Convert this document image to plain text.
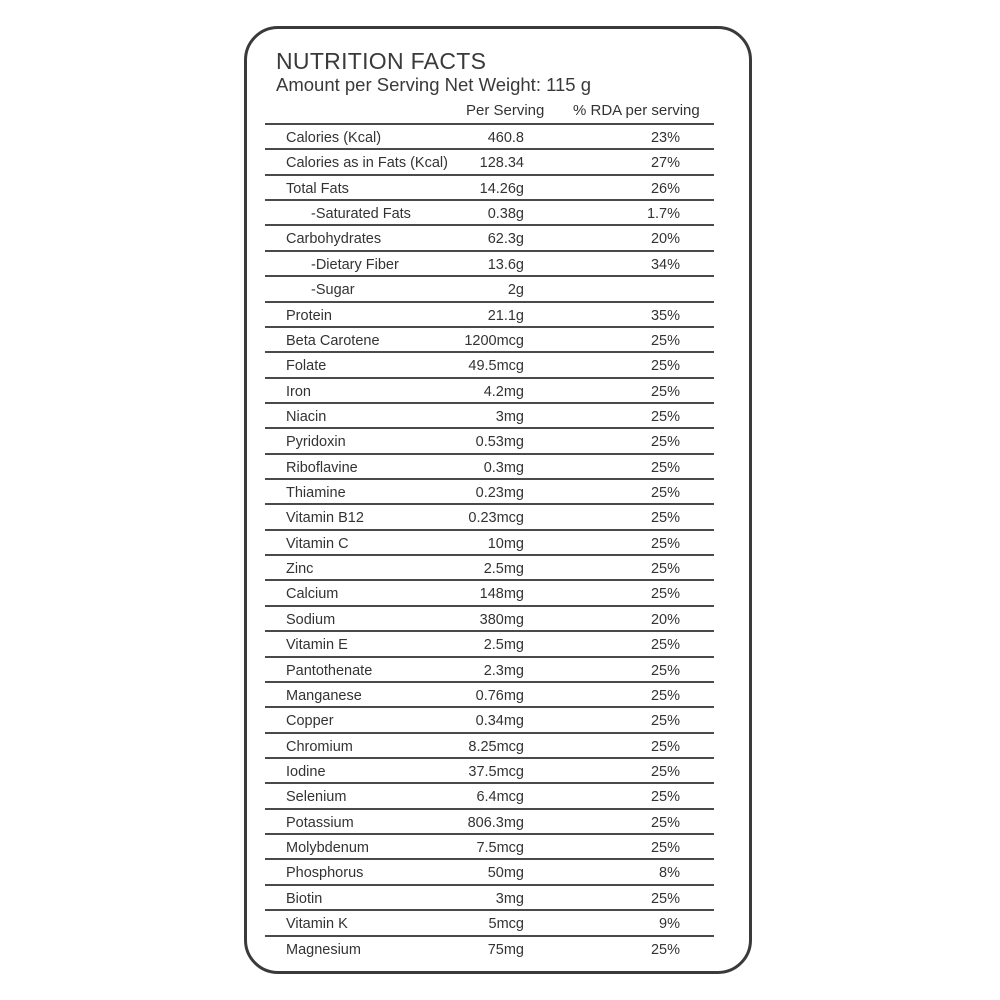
NUTRITION FACTS
Amount per Serving Net Weight: 115 g
Per Serving % RDA per serving
Calories (Kcal)	460.8	23%
Calories as in Fats (Kcal) 128.34	27%
Total Fats	14.26g	26%
-Saturated Fats	0.38g	1.7%
Carbohydrates	62.3g	20%
-Dietary Fiber	13.6g	34%
-Sugar	2g
Protein	21.1g	35%
Beta Carotene	1200mcg	25%
Folate	49.5mcg	25%
Iron	4.2mg	25%
Niacin	3mg	25%
Pyridoxin	0.53mg	25%
Riboflavine	0.3mg	25%
Thiamine	0.23mg	25%
Vitamin B12	0.23mcg	25%
Vitamin C	10mg	25%
Zinc	2.5mg	25%
Calcium	148mg	25%
Sodium	380mg	20%
Vitamin E	2.5mg	25%
Pantothenate	2.3mg	25%
Manganese	0.76mg	25%
Copper	0.34mg	25%
Chromium	8.25mcg	25%
Iodine	37.5mcg	25%
Selenium	6.4mcg	25%
Potassium	806.3mg	25%
Molybdenum	7.5mcg	25%
Phosphorus	50mg	8%
Biotin	3mg	25%
Vitamin K	5mcg	9%
Magnesium	75mg	25%
